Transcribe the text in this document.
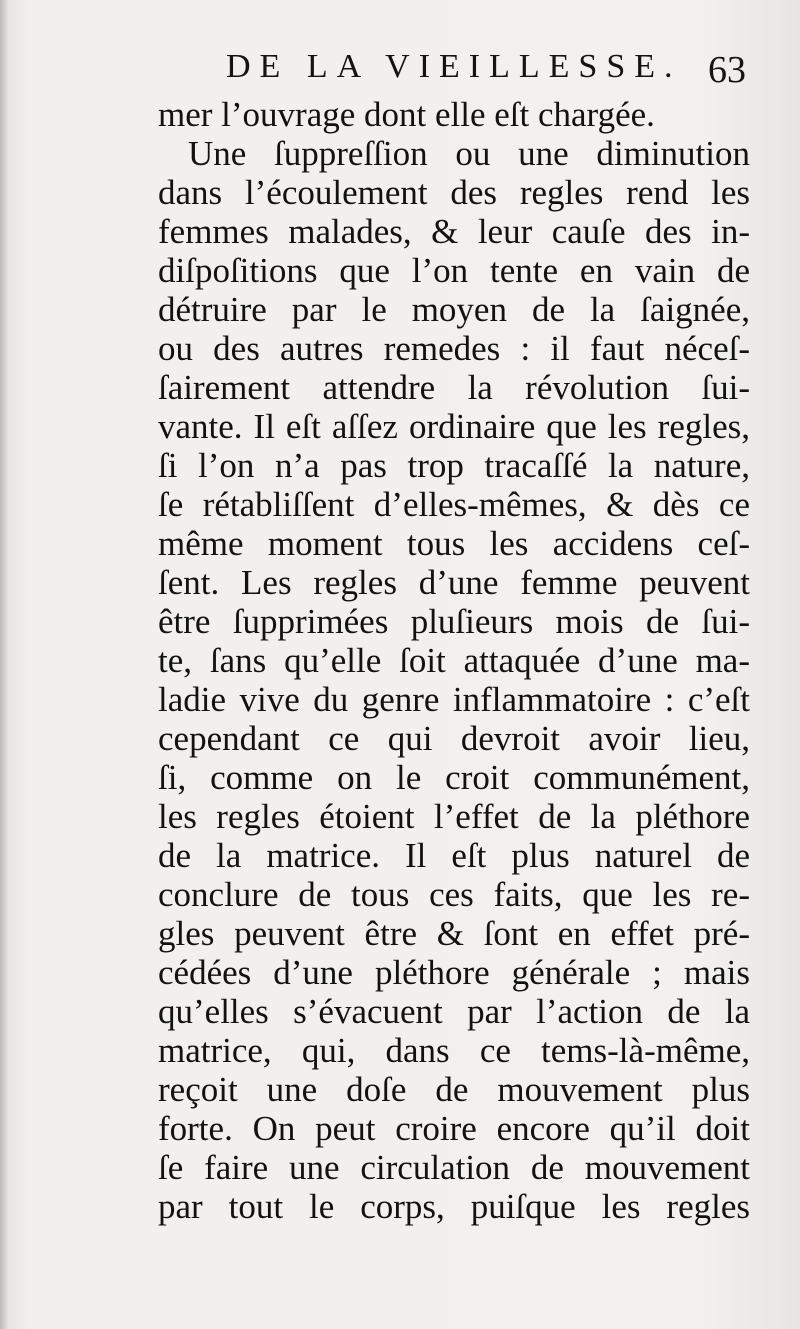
DE LA VIEILLESSE. 63
mer l’ouvrage dont elle eſt chargée.
Une ſuppreſſion ou une diminution
dans l’écoulement des regles rend les
femmes malades, & leur cauſe des in-
diſpoſitions que l’on tente en vain de
détruire par le moyen de la ſaignée,
ou des autres remedes : il faut néceſ-
ſairement attendre la révolution ſui-
vante. Il eſt aſſez ordinaire que les regles,
ſi l’on n’a pas trop tracaſſé la nature,
ſe rétabliſſent d’elles-mêmes, & dès ce
même moment tous les accidens ceſ-
ſent. Les regles d’une femme peuvent
être ſupprimées pluſieurs mois de ſui-
te, ſans qu’elle ſoit attaquée d’une ma-
ladie vive du genre inflammatoire : c’eſt
cependant ce qui devroit avoir lieu,
ſi, comme on le croit communément,
les regles étoient l’effet de la pléthore
de la matrice. Il eſt plus naturel de
conclure de tous ces faits, que les re-
gles peuvent être & ſont en effet pré-
cédées d’une pléthore générale ; mais
qu’elles s’évacuent par l’action de la
matrice, qui, dans ce tems-là-même,
reçoit une doſe de mouvement plus
forte. On peut croire encore qu’il doit
ſe faire une circulation de mouvement
par tout le corps, puiſque les regles
